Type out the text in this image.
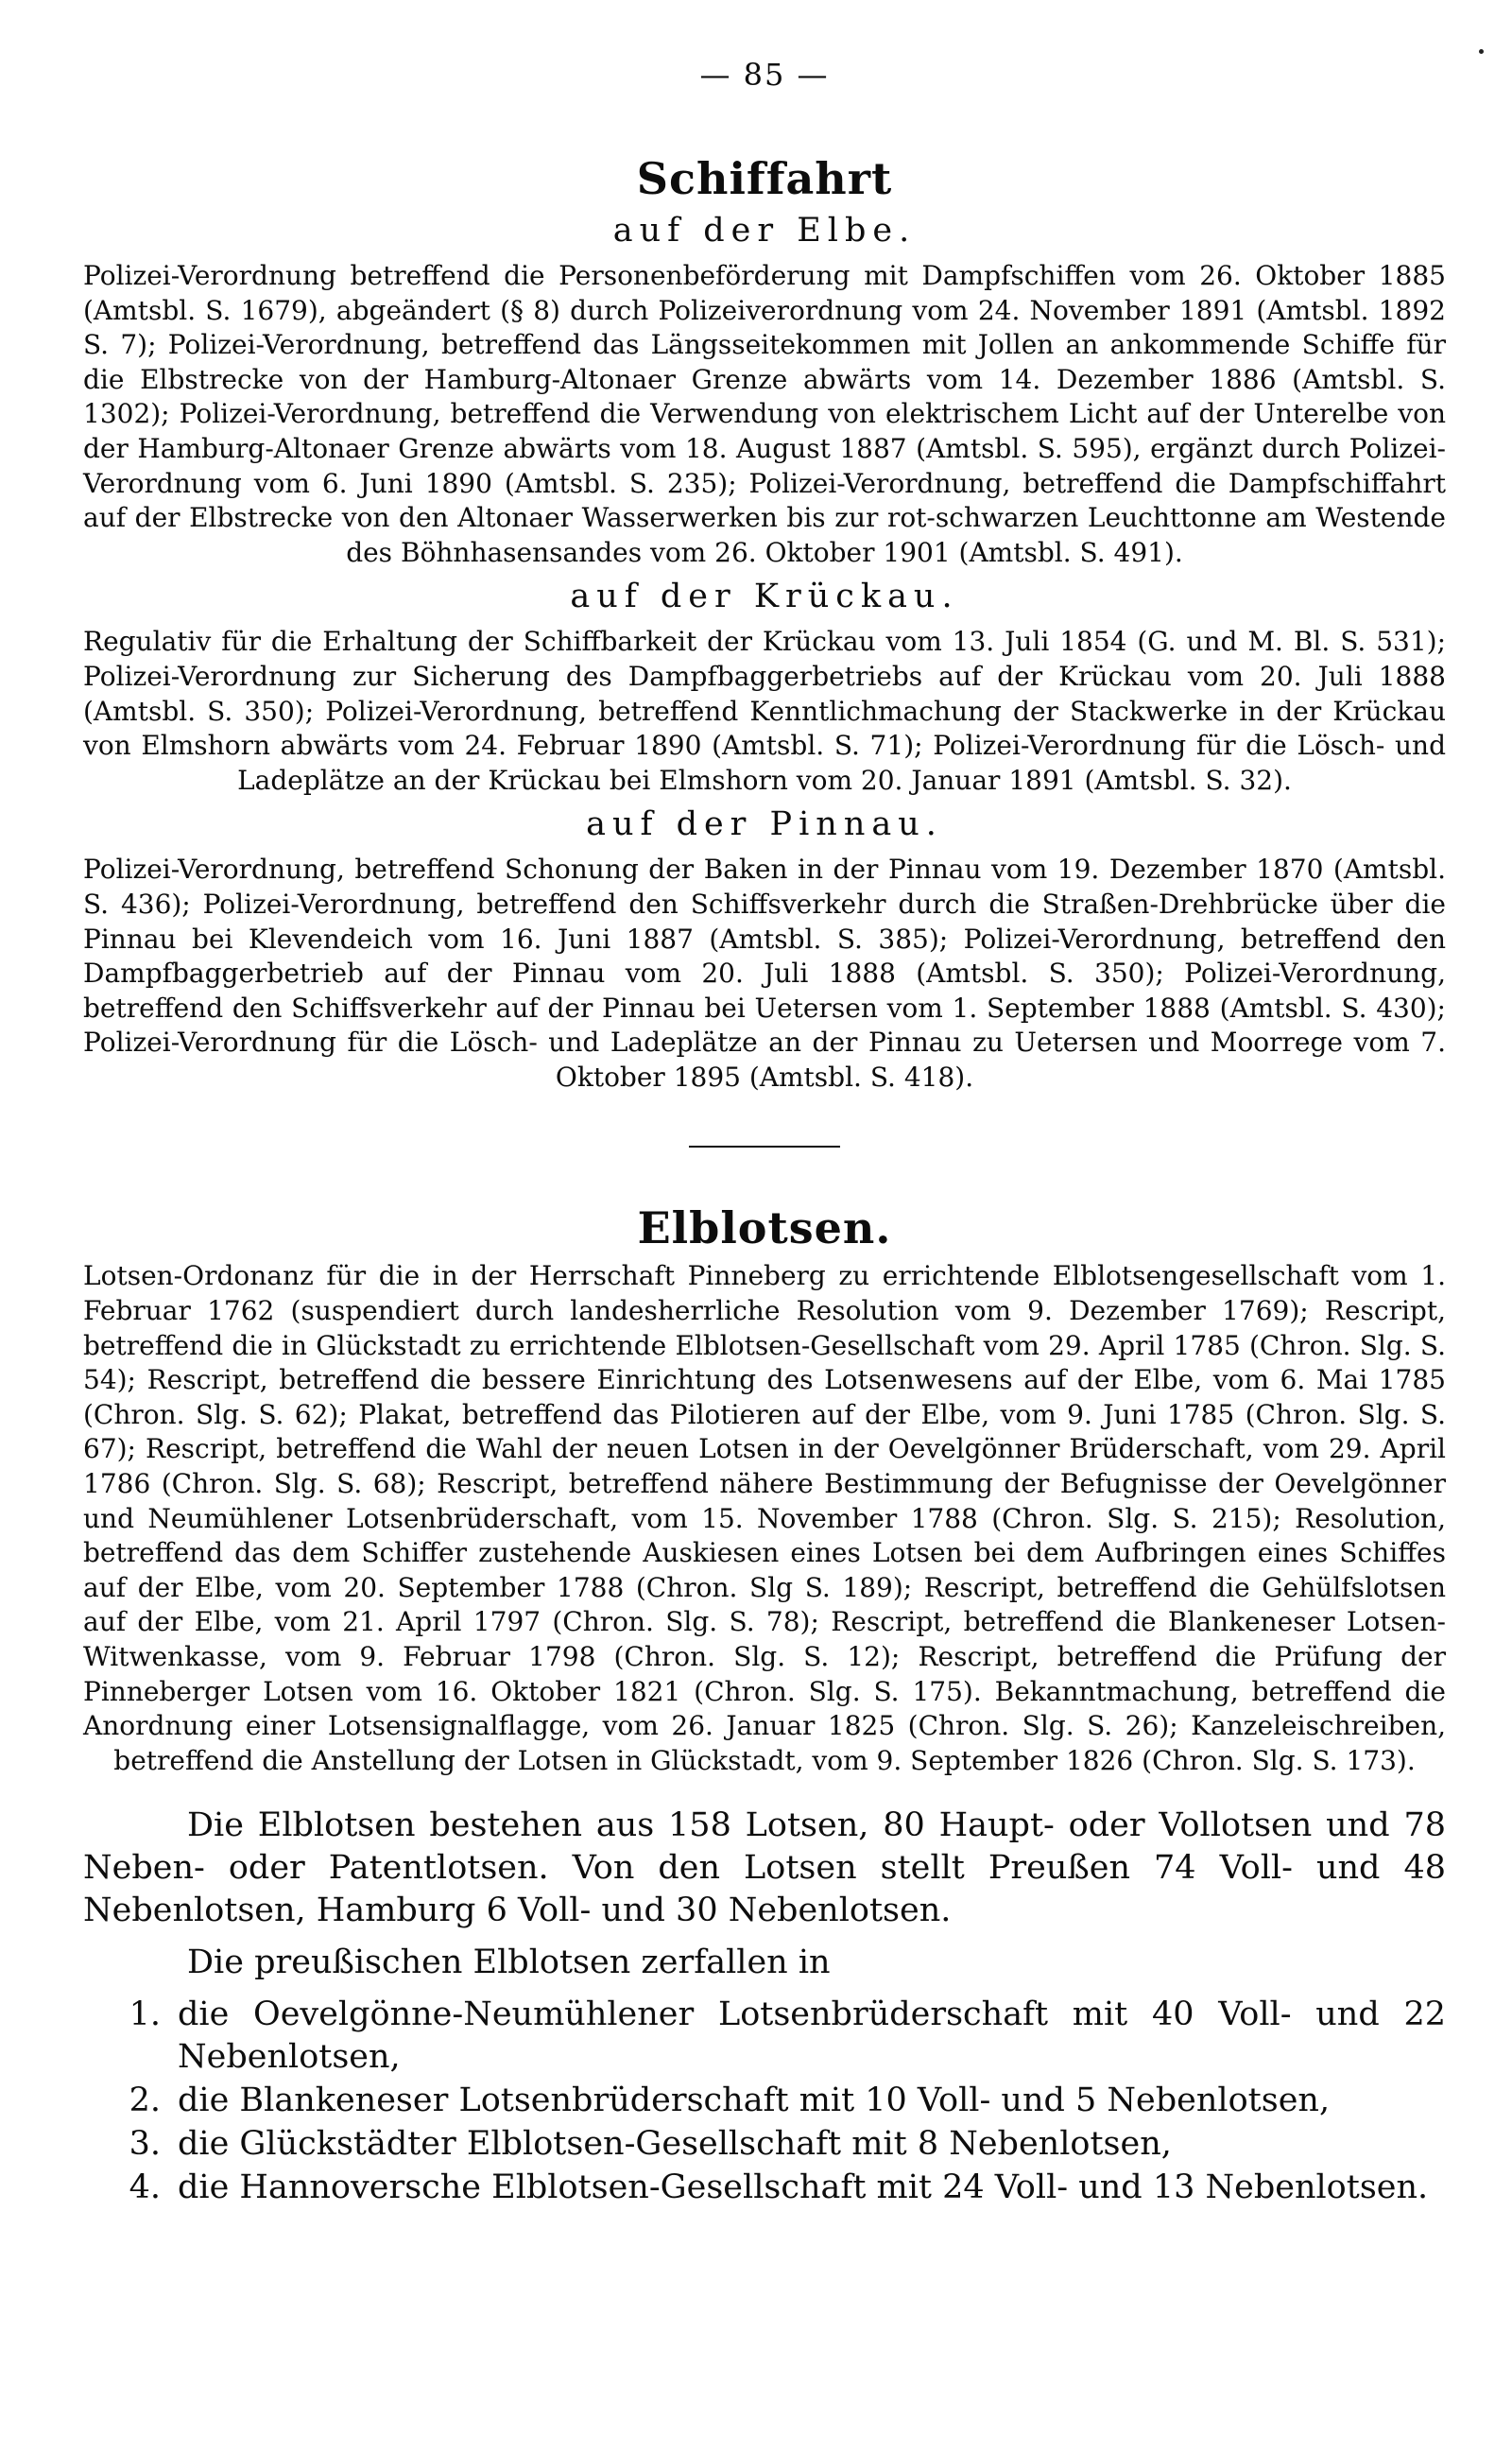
— 85 —
Schiffahrt
auf der Elbe.

Polizei-Verordnung betreffend die Personenbeförderung mit Dampfschiffen vom 26. Oktober 1885 (Amtsbl. S. 1679), abgeändert (§ 8) durch Polizeiverordnung vom 24. November 1891 (Amtsbl. 1892 S. 7); Polizei-Verordnung, betreffend das Längsseitekommen mit Jollen an ankommende Schiffe für die Elbstrecke von der Hamburg-Altonaer Grenze abwärts vom 14. Dezember 1886 (Amtsbl. S. 1302); Polizei-Verordnung, betreffend die Verwendung von elektrischem Licht auf der Unterelbe von der Hamburg-Altonaer Grenze abwärts vom 18. August 1887 (Amtsbl. S. 595), ergänzt durch Polizei-Verordnung vom 6. Juni 1890 (Amtsbl. S. 235); Polizei-Verordnung, betreffend die Dampfschiffahrt auf der Elbstrecke von den Altonaer Wasserwerken bis zur rot-schwarzen Leuchttonne am Westende des Böhnhasensandes vom 26. Oktober 1901 (Amtsbl. S. 491).

auf der Krückau.

Regulativ für die Erhaltung der Schiffbarkeit der Krückau vom 13. Juli 1854 (G. und M. Bl. S. 531); Polizei-Verordnung zur Sicherung des Dampfbaggerbetriebs auf der Krückau vom 20. Juli 1888 (Amtsbl. S. 350); Polizei-Verordnung, betreffend Kenntlichmachung der Stackwerke in der Krückau von Elmshorn abwärts vom 24. Februar 1890 (Amtsbl. S. 71); Polizei-Verordnung für die Lösch- und Ladeplätze an der Krückau bei Elmshorn vom 20. Januar 1891 (Amtsbl. S. 32).

auf der Pinnau.

Polizei-Verordnung, betreffend Schonung der Baken in der Pinnau vom 19. Dezember 1870 (Amtsbl. S. 436); Polizei-Verordnung, betreffend den Schiffsverkehr durch die Straßen-Drehbrücke über die Pinnau bei Klevendeich vom 16. Juni 1887 (Amtsbl. S. 385); Polizei-Verordnung, betreffend den Dampfbaggerbetrieb auf der Pinnau vom 20. Juli 1888 (Amtsbl. S. 350); Polizei-Verordnung, betreffend den Schiffsverkehr auf der Pinnau bei Uetersen vom 1. September 1888 (Amtsbl. S. 430); Polizei-Verordnung für die Lösch- und Ladeplätze an der Pinnau zu Uetersen und Moorrege vom 7. Oktober 1895 (Amtsbl. S. 418).

Elblotsen.

Lotsen-Ordonanz für die in der Herrschaft Pinneberg zu errichtende Elblotsengesellschaft vom 1. Februar 1762 (suspendiert durch landesherrliche Resolution vom 9. Dezember 1769); Rescript, betreffend die in Glückstadt zu errichtende Elblotsen-Gesellschaft vom 29. April 1785 (Chron. Slg. S. 54); Rescript, betreffend die bessere Einrichtung des Lotsenwesens auf der Elbe, vom 6. Mai 1785 (Chron. Slg. S. 62); Plakat, betreffend das Pilotieren auf der Elbe, vom 9. Juni 1785 (Chron. Slg. S. 67); Rescript, betreffend die Wahl der neuen Lotsen in der Oevelgönner Brüderschaft, vom 29. April 1786 (Chron. Slg. S. 68); Rescript, betreffend nähere Bestimmung der Befugnisse der Oevelgönner und Neumühlener Lotsenbrüderschaft, vom 15. November 1788 (Chron. Slg. S. 215); Resolution, betreffend das dem Schiffer zustehende Auskiesen eines Lotsen bei dem Aufbringen eines Schiffes auf der Elbe, vom 20. September 1788 (Chron. Slg S. 189); Rescript, betreffend die Gehülfslotsen auf der Elbe, vom 21. April 1797 (Chron. Slg. S. 78); Rescript, betreffend die Blankeneser Lotsen-Witwenkasse, vom 9. Februar 1798 (Chron. Slg. S. 12); Rescript, betreffend die Prüfung der Pinneberger Lotsen vom 16. Oktober 1821 (Chron. Slg. S. 175). Bekanntmachung, betreffend die Anordnung einer Lotsensignalflagge, vom 26. Januar 1825 (Chron. Slg. S. 26); Kanzeleischreiben, betreffend die Anstellung der Lotsen in Glückstadt, vom 9. September 1826 (Chron. Slg. S. 173).

Die Elblotsen bestehen aus 158 Lotsen, 80 Haupt- oder Vollotsen und 78 Neben- oder Patentlotsen. Von den Lotsen stellt Preußen 74 Voll- und 48 Nebenlotsen, Hamburg 6 Voll- und 30 Nebenlotsen.

Die preußischen Elblotsen zerfallen in

1. die Oevelgönne-Neumühlener Lotsenbrüderschaft mit 40 Voll- und 22 Nebenlotsen,
2. die Blankeneser Lotsenbrüderschaft mit 10 Voll- und 5 Nebenlotsen,
3. die Glückstädter Elblotsen-Gesellschaft mit 8 Nebenlotsen,
4. die Hannoversche Elblotsen-Gesellschaft mit 24 Voll- und 13 Nebenlotsen.
